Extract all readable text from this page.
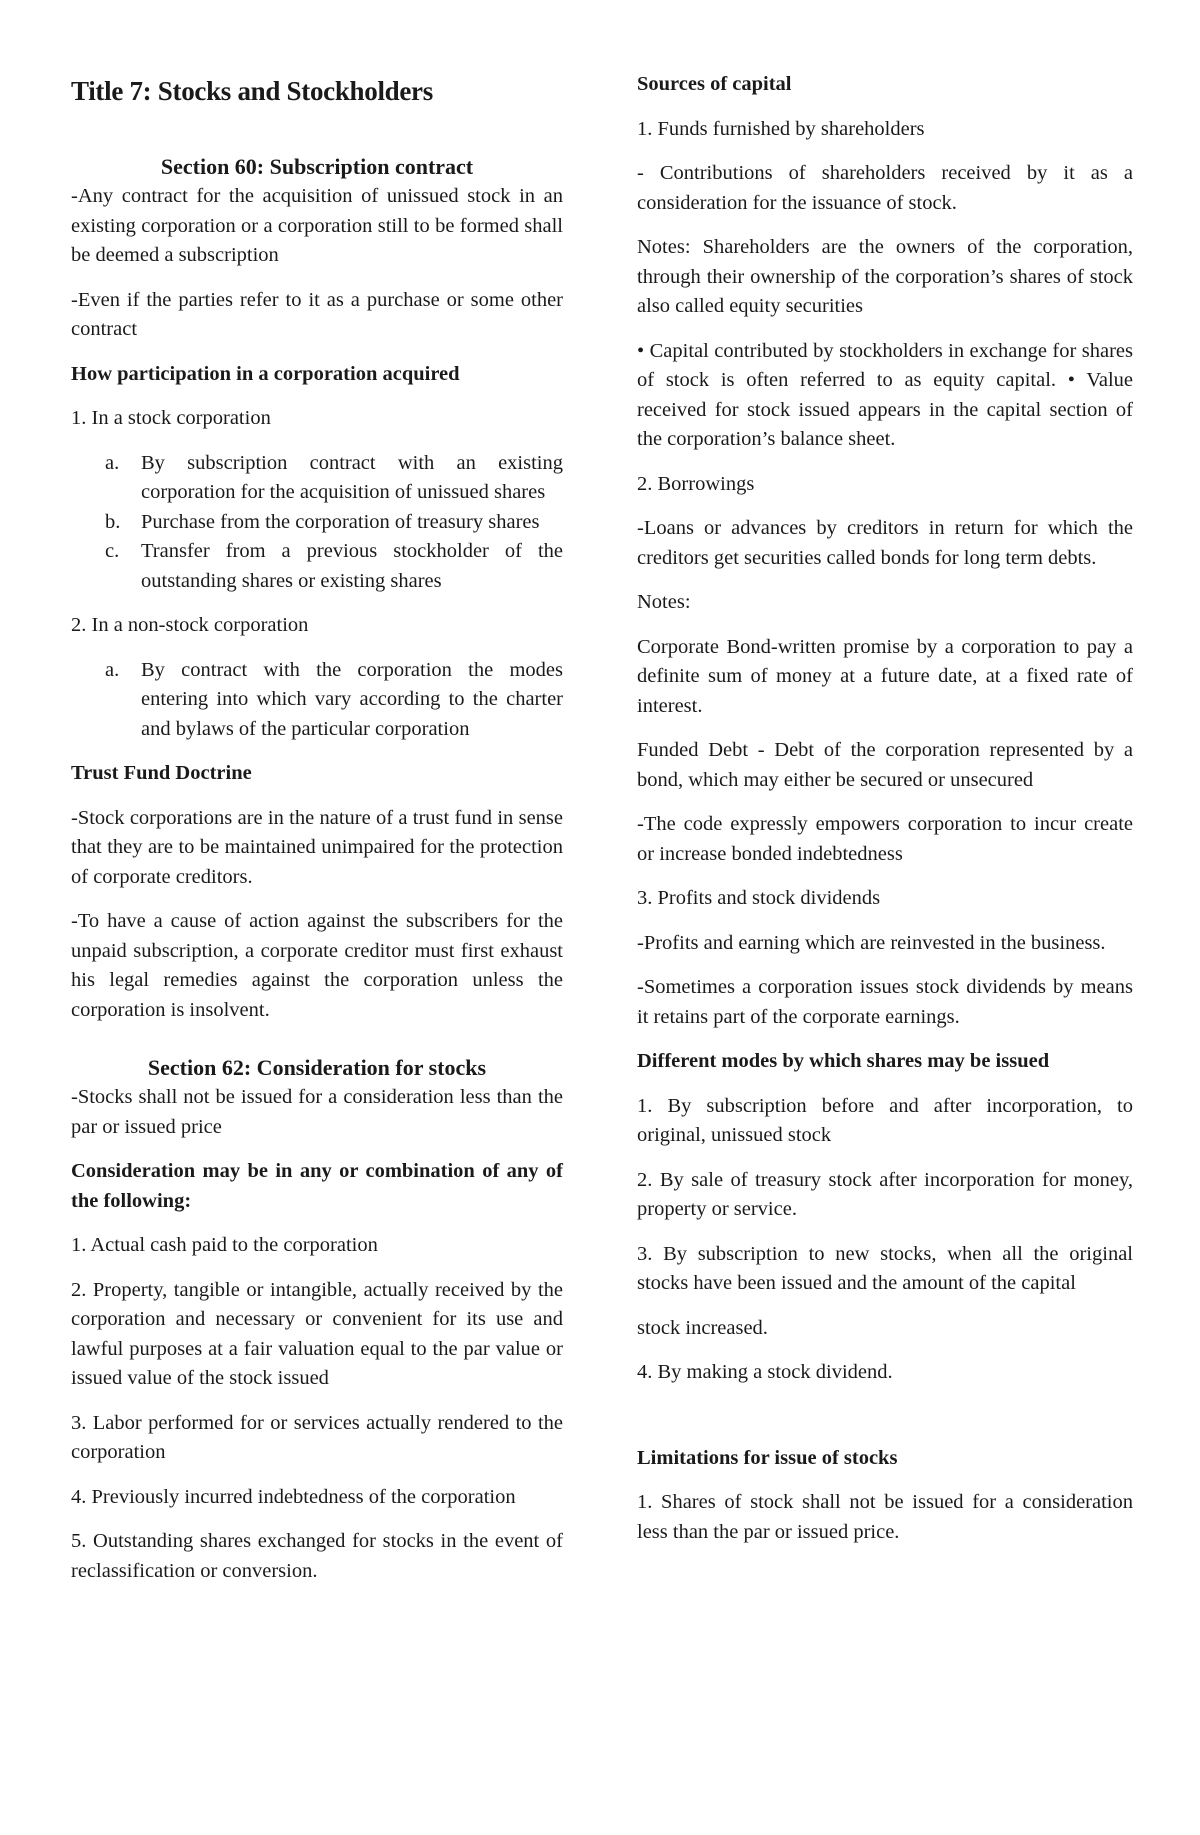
Title 7: Stocks and Stockholders
Section 60: Subscription contract

-Any contract for the acquisition of unissued stock in an existing corporation or a corporation still to be formed shall be deemed a subscription

-Even if the parties refer to it as a purchase or some other contract

How participation in a corporation acquired

1. In a stock corporation

a. By subscription contract with an existing corporation for the acquisition of unissued shares
b. Purchase from the corporation of treasury shares
c. Transfer from a previous stockholder of the outstanding shares or existing shares

2. In a non-stock corporation

a. By contract with the corporation the modes entering into which vary according to the charter and bylaws of the particular corporation

Trust Fund Doctrine

-Stock corporations are in the nature of a trust fund in sense that they are to be maintained unimpaired for the protection of corporate creditors.

-To have a cause of action against the subscribers for the unpaid subscription, a corporate creditor must first exhaust his legal remedies against the corporation unless the corporation is insolvent.

Section 62: Consideration for stocks

-Stocks shall not be issued for a consideration less than the par or issued price

Consideration may be in any or combination of any of the following:

1. Actual cash paid to the corporation

2. Property, tangible or intangible, actually received by the corporation and necessary or convenient for its use and lawful purposes at a fair valuation equal to the par value or issued value of the stock issued

3. Labor performed for or services actually rendered to the corporation

4. Previously incurred indebtedness of the corporation

5. Outstanding shares exchanged for stocks in the event of reclassification or conversion.

Sources of capital

1. Funds furnished by shareholders

- Contributions of shareholders received by it as a consideration for the issuance of stock.

Notes: Shareholders are the owners of the corporation, through their ownership of the corporation’s shares of stock also called equity securities

• Capital contributed by stockholders in exchange for shares of stock is often referred to as equity capital. • Value received for stock issued appears in the capital section of the corporation’s balance sheet.

2. Borrowings

-Loans or advances by creditors in return for which the creditors get securities called bonds for long term debts.

Notes:

Corporate Bond-written promise by a corporation to pay a definite sum of money at a future date, at a fixed rate of interest.

Funded Debt - Debt of the corporation represented by a bond, which may either be secured or unsecured

-The code expressly empowers corporation to incur create or increase bonded indebtedness

3. Profits and stock dividends

-Profits and earning which are reinvested in the business.

-Sometimes a corporation issues stock dividends by means it retains part of the corporate earnings.

Different modes by which shares may be issued

1. By subscription before and after incorporation, to original, unissued stock

2. By sale of treasury stock after incorporation for money, property or service.

3. By subscription to new stocks, when all the original stocks have been issued and the amount of the capital

stock increased.

4. By making a stock dividend.

Limitations for issue of stocks

1. Shares of stock shall not be issued for a consideration less than the par or issued price.
